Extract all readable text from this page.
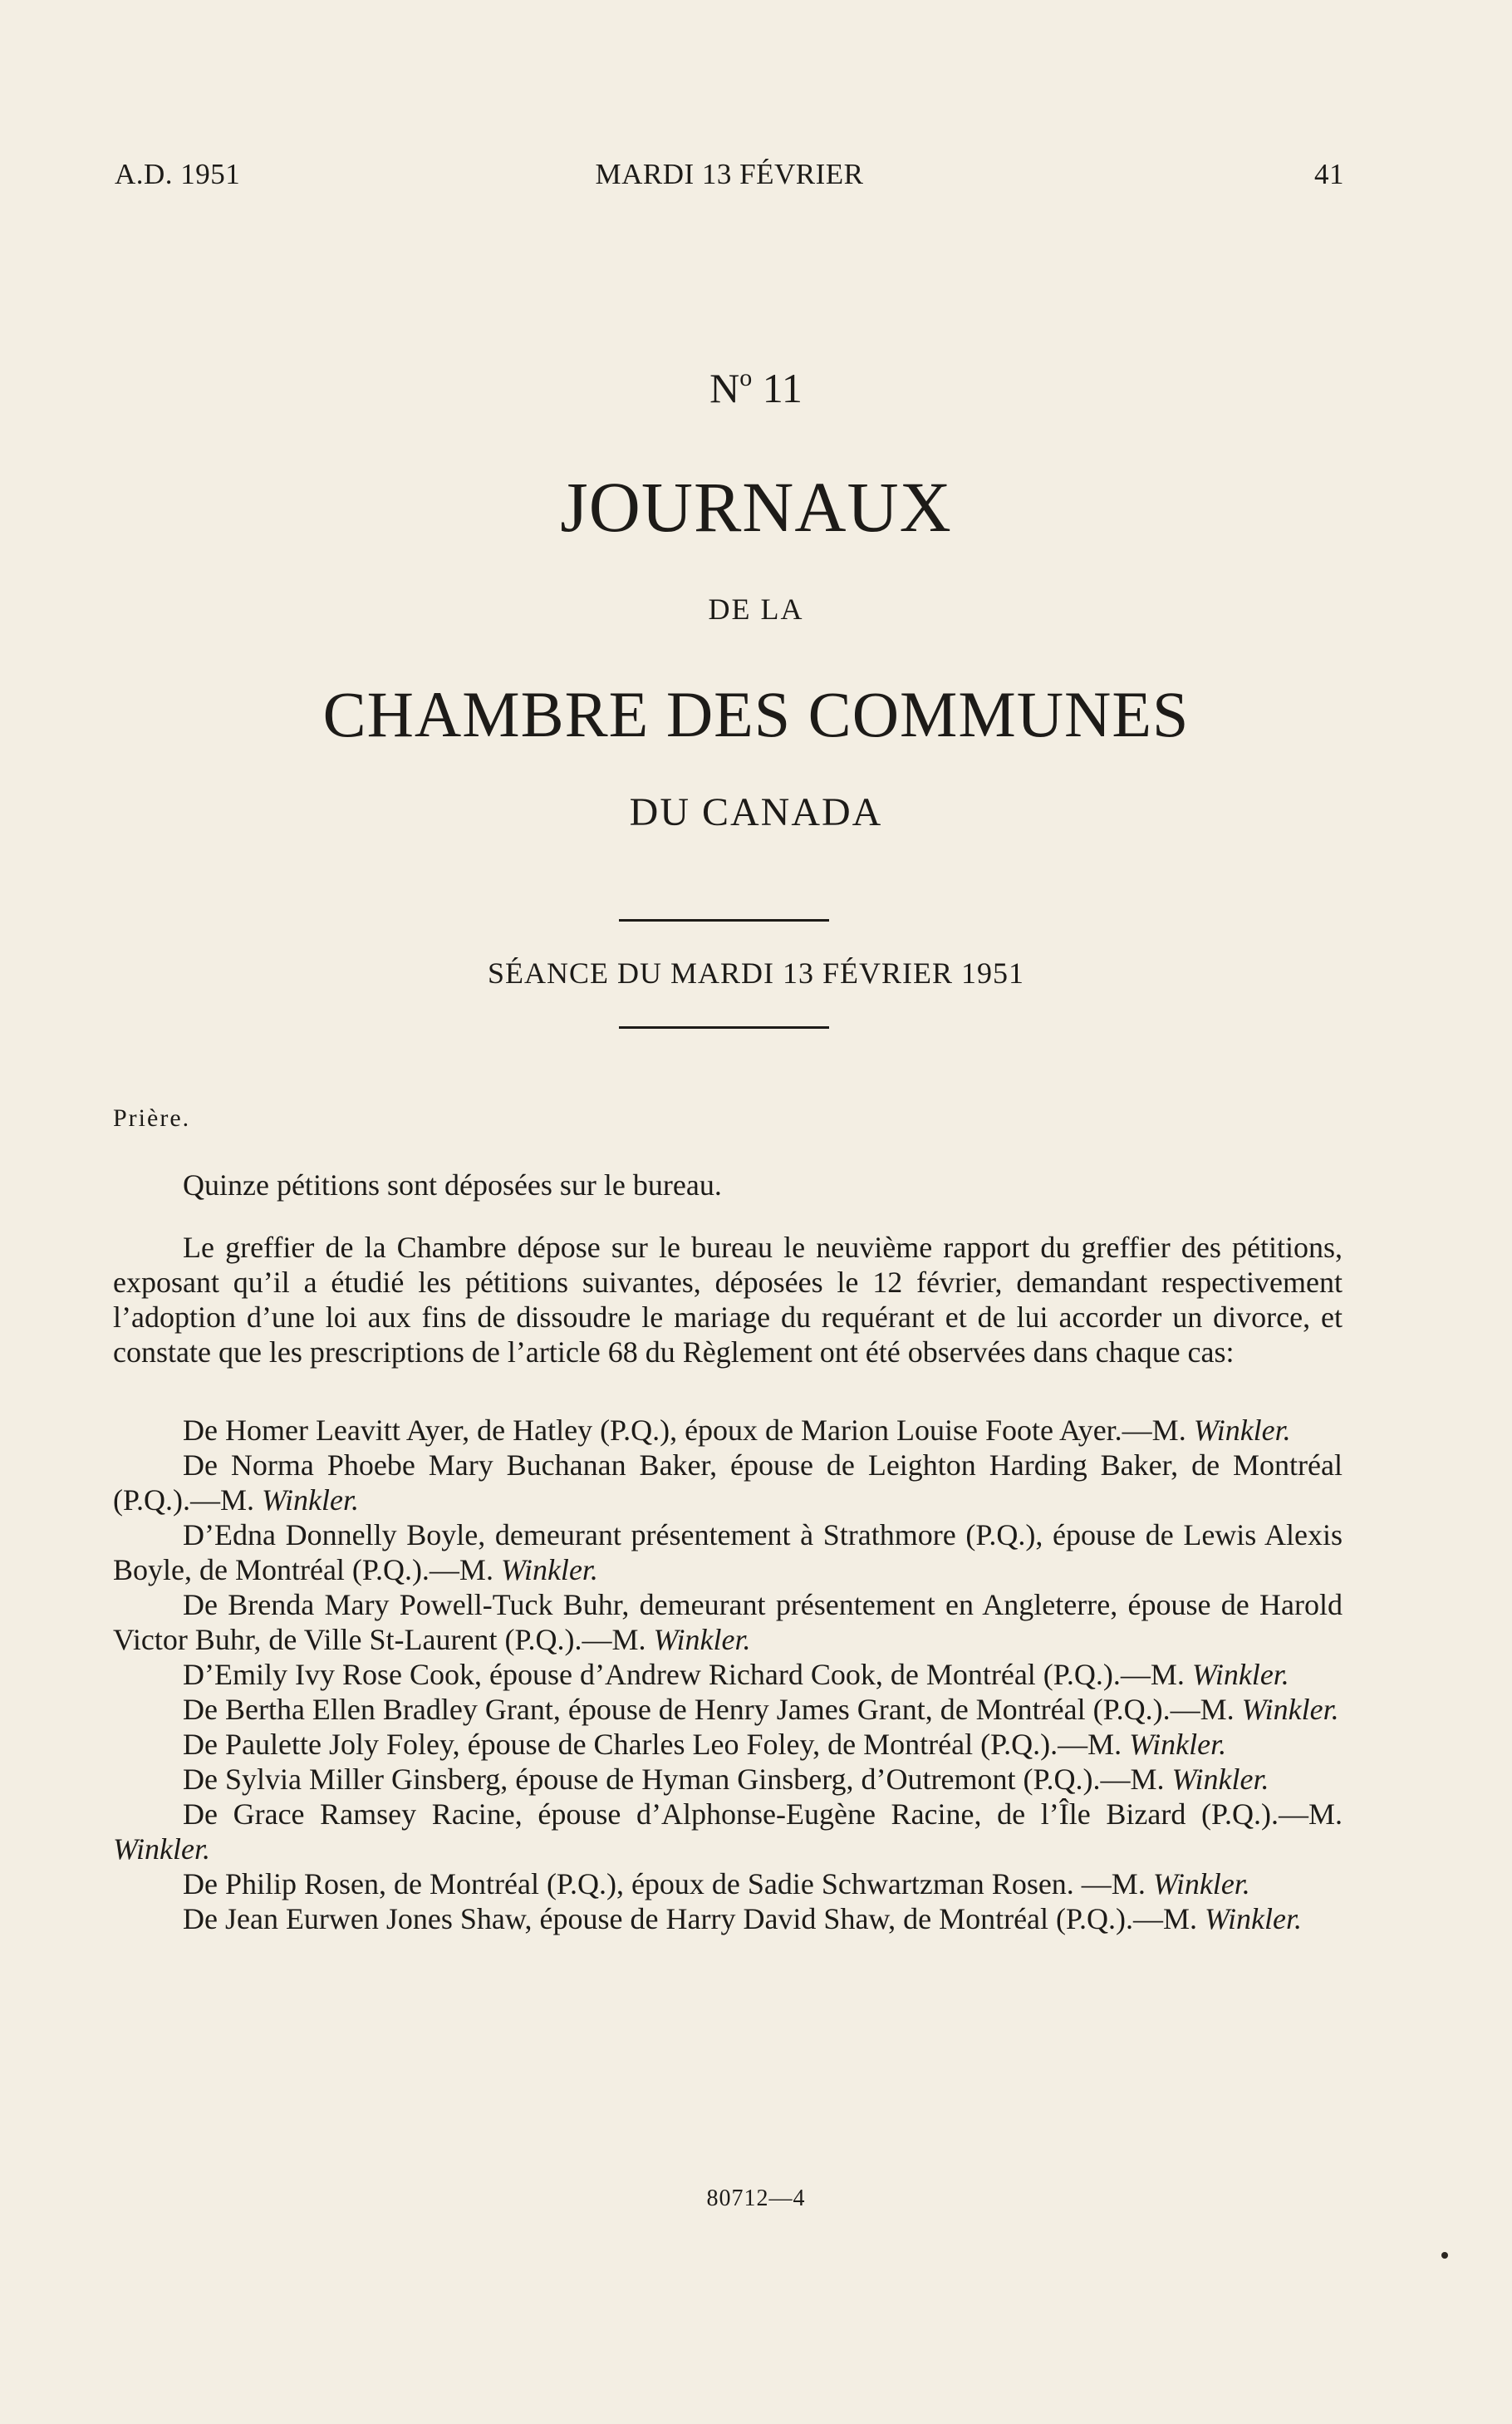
A.D. 1951	MARDI 13 FÉVRIER	41
$N^o$ 11
JOURNAUX
DE LA
CHAMBRE DES COMMUNES
DU CANADA
SÉANCE DU MARDI 13 FÉVRIER 1951
Prière.
Quinze pétitions sont déposées sur le bureau.
Le greffier de la Chambre dépose sur le bureau le neuvième rapport du greffier des pétitions, exposant qu’il a étudié les pétitions suivantes, déposées le 12 février, demandant respectivement l’adoption d’une loi aux fins de dissoudre le mariage du requérant et de lui accorder un divorce, et constate que les prescriptions de l’article 68 du Règlement ont été observées dans chaque cas:

De Homer Leavitt Ayer, de Hatley (P.Q.), époux de Marion Louise Foote Ayer.—M. Winkler.

De Norma Phoebe Mary Buchanan Baker, épouse de Leighton Harding Baker, de Montréal (P.Q.).—M. Winkler.

D’Edna Donnelly Boyle, demeurant présentement à Strathmore (P.Q.), épouse de Lewis Alexis Boyle, de Montréal (P.Q.).—M. Winkler.

De Brenda Mary Powell-Tuck Buhr, demeurant présentement en Angleterre, épouse de Harold Victor Buhr, de Ville St-Laurent (P.Q.).—M. Winkler.

D’Emily Ivy Rose Cook, épouse d’Andrew Richard Cook, de Montréal (P.Q.).—M. Winkler.

De Bertha Ellen Bradley Grant, épouse de Henry James Grant, de Montréal (P.Q.).—M. Winkler.

De Paulette Joly Foley, épouse de Charles Leo Foley, de Montréal (P.Q.).—M. Winkler.

De Sylvia Miller Ginsberg, épouse de Hyman Ginsberg, d’Outremont (P.Q.).—M. Winkler.

De Grace Ramsey Racine, épouse d’Alphonse-Eugène Racine, de l’Île Bizard (P.Q.).—M. Winkler.

De Philip Rosen, de Montréal (P.Q.), époux de Sadie Schwartzman Rosen. —M. Winkler.

De Jean Eurwen Jones Shaw, épouse de Harry David Shaw, de Montréal (P.Q.).—M. Winkler.

80712—4
